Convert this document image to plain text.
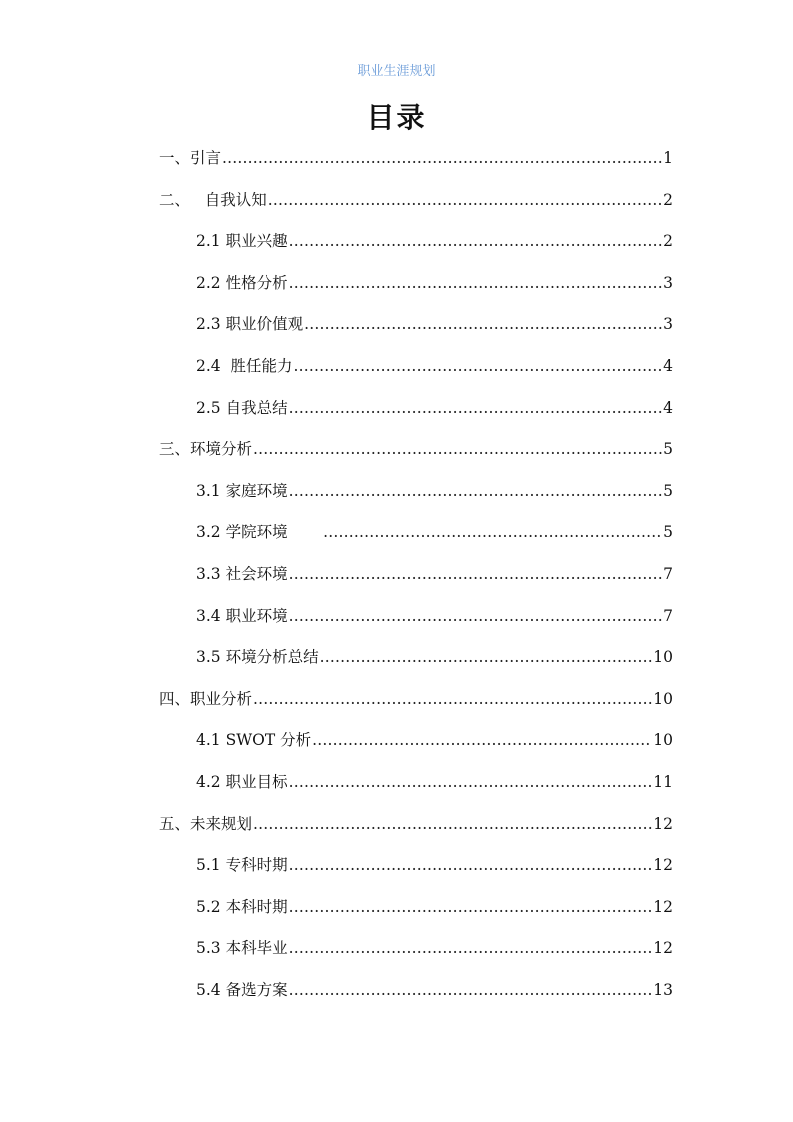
职业生涯规划
目录
一、引言 .....	1
二、   自我认知 .....	2
2.1 职业兴趣 .....	2
2.2 性格分析 .....	3
2.3 职业价值观 .....	3
2.4  胜任能力 .....	4
2.5 自我总结 .....	4
三、环境分析 .....	5
3.1 家庭环境 .....	5
3.2 学院环境 .....	5
3.3 社会环境 .....	7
3.4 职业环境 .....	7
3.5 环境分析总结 .....	10
四、职业分析 .....	10
4.1 SWOT 分析 .....	10
4.2 职业目标 .....	11
五、未来规划 .....	12
5.1 专科时期 .....	12
5.2 本科时期 .....	12
5.3 本科毕业 .....	12
5.4 备选方案 .....	13
